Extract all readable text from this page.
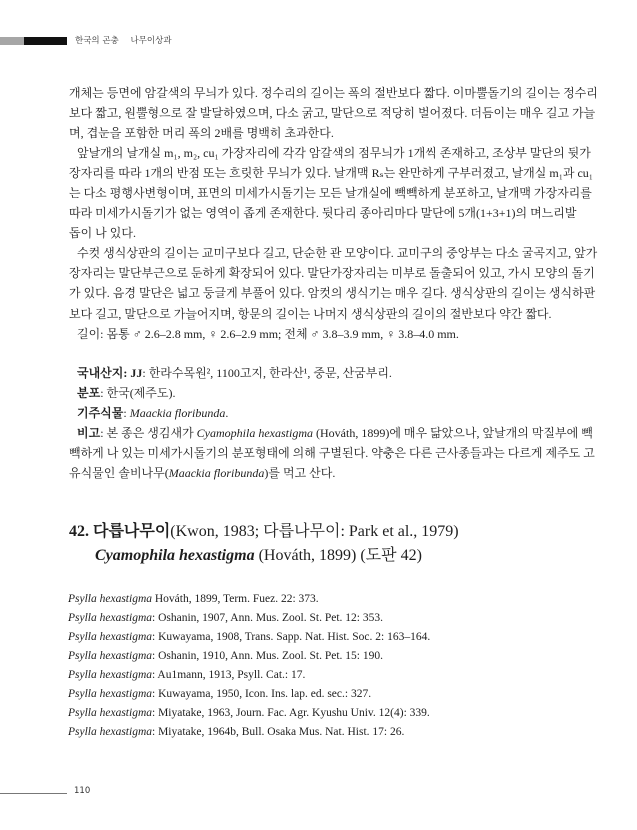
한국의 곤충 나무이상과
개체는 등면에 암갈색의 무늬가 있다. 정수리의 길이는 폭의 절반보다 짧다. 이마뿔돌기의 길이는 정수리
보다 짧고, 원뿔형으로 잘 발달하였으며, 다소 굵고, 말단으로 적당히 벌어졌다. 더듬이는 매우 길고 가늘
며, 겹눈을 포함한 머리 폭의 2배를 명백히 초과한다.
앞날개의 날개실 m₁, m₂, cu₁ 가장자리에 각각 암갈색의 점무늬가 1개씩 존재하고, 조상부 말단의 뒷가
장자리를 따라 1개의 반점 또는 흐릿한 무늬가 있다. 날개맥 Rₛ는 완만하게 구부러졌고, 날개실 m₁과 cu₁
는 다소 평행사변형이며, 표면의 미세가시돌기는 모든 날개실에 빽빽하게 분포하고, 날개맥 가장자리를
따라 미세가시돌기가 없는 영역이 좁게 존재한다. 뒷다리 종아리마다 말단에 5개(1+3+1)의 며느리발
돕이 나 있다.
수컷 생식상판의 길이는 교미구보다 길고, 단순한 관 모양이다. 교미구의 중앙부는 다소 굴곡지고, 앞가
장자리는 말단부근으로 둔하게 확장되어 있다. 말단가장자리는 미부로 돌출되어 있고, 가시 모양의 돌기
가 있다. 음경 말단은 넓고 둥글게 부풀어 있다. 암컷의 생식기는 매우 길다. 생식상판의 길이는 생식하판
보다 길고, 말단으로 가늘어지며, 항문의 길이는 나머지 생식상판의 길이의 절반보다 약간 짧다.
길이: 몸통 ♂ 2.6–2.8 mm, ♀ 2.6–2.9 mm; 전체 ♂ 3.8–3.9 mm, ♀ 3.8–4.0 mm.
국내산지: JJ: 한라수목원², 1100고지, 한라산¹, 중문, 산굼부리.
분포: 한국(제주도).
기주식물: Maackia floribunda.
비고: 본 종은 생김새가 Cyamophila hexastigma (Hováth, 1899)에 매우 닮았으나, 앞날개의 막질부에 빽
빽하게 나 있는 미세가시돌기의 분포형태에 의해 구별된다. 약충은 다른 근사종들과는 다르게 제주도 고
유식물인 솔비나무(Maackia floribunda)를 먹고 산다.
42. 다릅나무이(Kwon, 1983; 다릅나무이: Park et al., 1979)
Cyamophila hexastigma (Hováth, 1899) (도판 42)
Psylla hexastigma Hováth, 1899, Term. Fuez. 22: 373.
Psylla hexastigma: Oshanin, 1907, Ann. Mus. Zool. St. Pet. 12: 353.
Psylla hexastigma: Kuwayama, 1908, Trans. Sapp. Nat. Hist. Soc. 2: 163–164.
Psylla hexastigma: Oshanin, 1910, Ann. Mus. Zool. St. Pet. 15: 190.
Psylla hexastigma: Au1mann, 1913, Psyll. Cat.: 17.
Psylla hexastigma: Kuwayama, 1950, Icon. Ins. lap. ed. sec.: 327.
Psylla hexastigma: Miyatake, 1963, Journ. Fac. Agr. Kyushu Univ. 12(4): 339.
Psylla hexastigma: Miyatake, 1964b, Bull. Osaka Mus. Nat. Hist. 17: 26.
110
